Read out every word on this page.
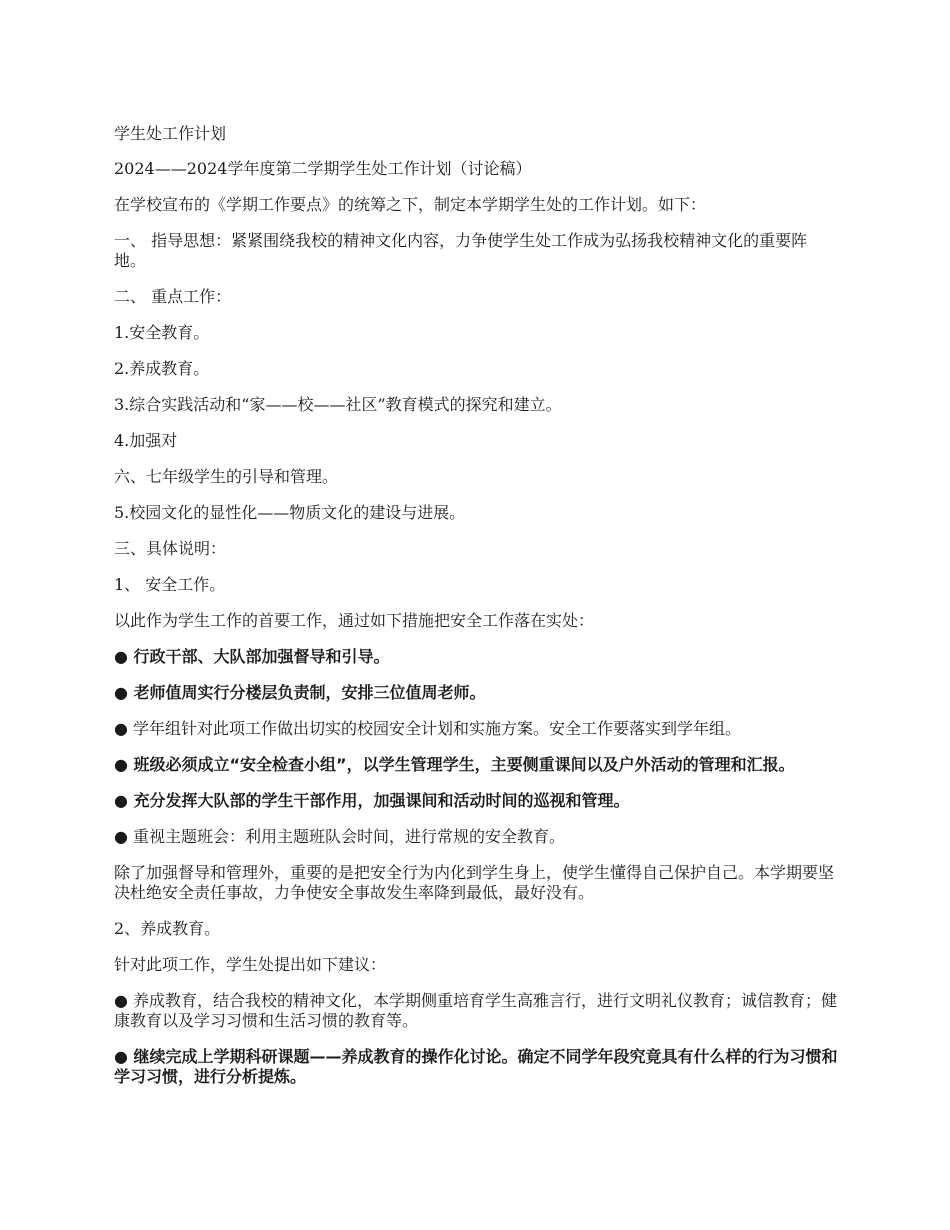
学生处工作计划

2024——2024学年度第二学期学生处工作计划（讨论稿）

在学校宣布的《学期工作要点》的统筹之下，制定本学期学生处的工作计划。如下：

一、 指导思想：紧紧围绕我校的精神文化内容，力争使学生处工作成为弘扬我校精神文化的重要阵地。

二、 重点工作：

1.安全教育。

2.养成教育。

3.综合实践活动和“家——校——社区”教育模式的探究和建立。

4.加强对

六、七年级学生的引导和管理。

5.校园文化的显性化——物质文化的建设与进展。

三、具体说明：

1、 安全工作。

以此作为学生工作的首要工作，通过如下措施把安全工作落在实处：

● 行政干部、大队部加强督导和引导。

● 老师值周实行分楼层负责制，安排三位值周老师。

● 学年组针对此项工作做出切实的校园安全计划和实施方案。安全工作要落实到学年组。

● 班级必须成立“安全检查小组”，以学生管理学生，主要侧重课间以及户外活动的管理和汇报。

● 充分发挥大队部的学生干部作用，加强课间和活动时间的巡视和管理。

● 重视主题班会：利用主题班队会时间，进行常规的安全教育。

除了加强督导和管理外，重要的是把安全行为内化到学生身上，使学生懂得自己保护自己。本学期要坚决杜绝安全责任事故，力争使安全事故发生率降到最低，最好没有。

2、养成教育。

针对此项工作，学生处提出如下建议：

● 养成教育，结合我校的精神文化，本学期侧重培育学生高雅言行，进行文明礼仪教育；诚信教育；健康教育以及学习习惯和生活习惯的教育等。

● 继续完成上学期科研课题——养成教育的操作化讨论。确定不同学年段究竟具有什么样的行为习惯和学习习惯，进行分析提炼。
